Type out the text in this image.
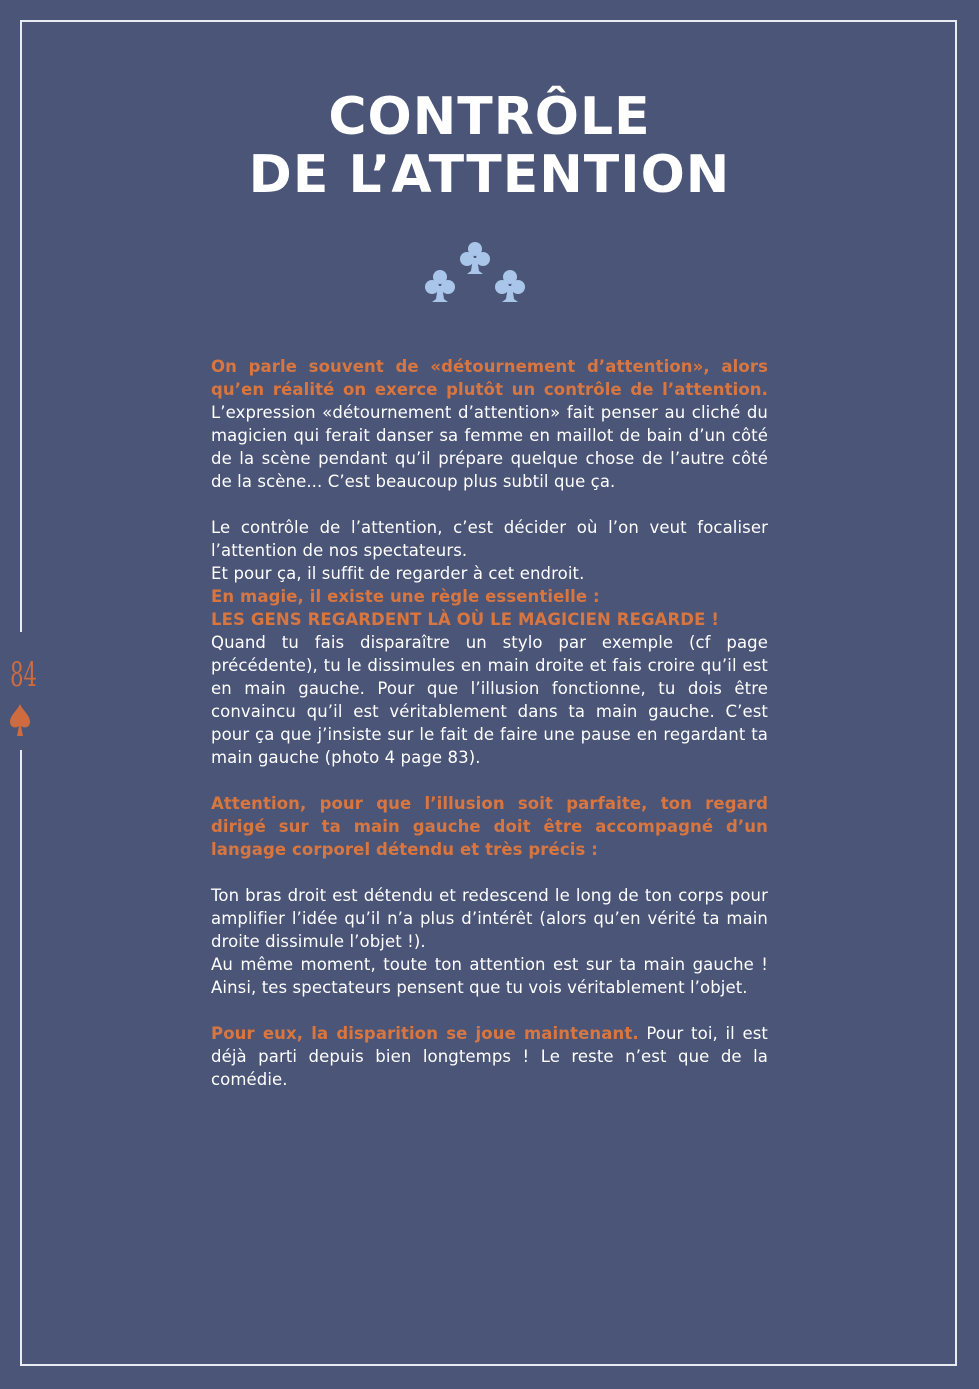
CONTRÔLE
DE L’ATTENTION
84

On parle souvent de «détournement d’attention», alors qu’en réalité on exerce plutôt un contrôle de l’attention. L’expression «détournement d’attention» fait penser au cliché du magicien qui ferait danser sa femme en maillot de bain d’un côté de la scène pendant qu’il prépare quelque chose de l’autre côté de la scène... C’est beaucoup plus subtil que ça.

Le contrôle de l’attention, c’est décider où l’on veut focaliser l’attention de nos spectateurs.

Et pour ça, il suffit de regarder à cet endroit.

En magie, il existe une règle essentielle :

LES GENS REGARDENT LÀ OÙ LE MAGICIEN REGARDE !

Quand tu fais disparaître un stylo par exemple (cf page précédente), tu le dissimules en main droite et fais croire qu’il est en main gauche. Pour que l’illusion fonctionne, tu dois être convaincu qu’il est véritablement dans ta main gauche. C’est pour ça que j’insiste sur le fait de faire une pause en regardant ta main gauche (photo 4 page 83).

Attention, pour que l’illusion soit parfaite, ton regard dirigé sur ta main gauche doit être accompagné d’un langage corporel détendu et très précis :

Ton bras droit est détendu et redescend le long de ton corps pour amplifier l’idée qu’il n’a plus d’intérêt (alors qu’en vérité ta main droite dissimule l’objet !).

Au même moment, toute ton attention est sur ta main gauche ! Ainsi, tes spectateurs pensent que tu vois véritablement l’objet.

Pour eux, la disparition se joue maintenant. Pour toi, il est déjà parti depuis bien longtemps ! Le reste n’est que de la comédie.
